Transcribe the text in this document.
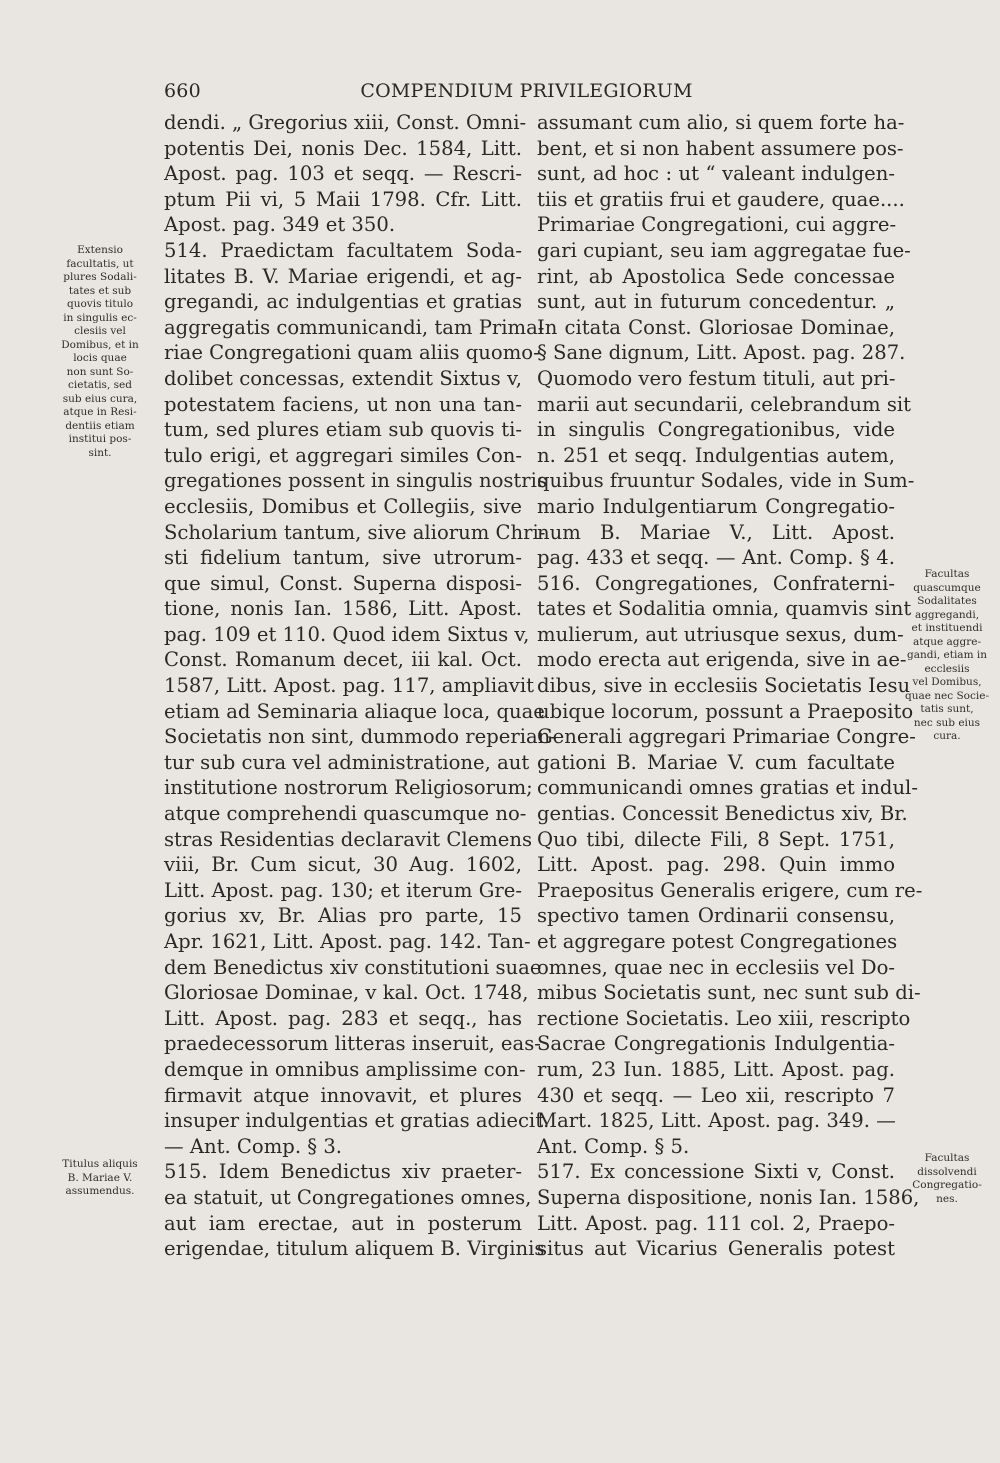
660	COMPENDIUM PRIVILEGIORUM
dendi. „ Gregorius xiii, Const. Omni-
potentis Dei, nonis Dec. 1584, Litt.
Apost. pag. 103 et seqq. — Rescri-
ptum Pii vi, 5 Maii 1798. Cfr. Litt.
Apost. pag. 349 et 350.
514. Praedictam facultatem Soda-
litates B. V. Mariae erigendi, et ag-
gregandi, ac indulgentias et gratias
aggregatis communicandi, tam Prima-
riae Congregationi quam aliis quomo-
dolibet concessas, extendit Sixtus v,
potestatem faciens, ut non una tan-
tum, sed plures etiam sub quovis ti-
tulo erigi, et aggregari similes Con-
gregationes possent in singulis nostris
ecclesiis, Domibus et Collegiis, sive
Scholarium tantum, sive aliorum Chri-
sti fidelium tantum, sive utrorum-
que simul, Const. Superna disposi-
tione, nonis Ian. 1586, Litt. Apost.
pag. 109 et 110. Quod idem Sixtus v,
Const. Romanum decet, iii kal. Oct.
1587, Litt. Apost. pag. 117, ampliavit
etiam ad Seminaria aliaque loca, quae
Societatis non sint, dummodo reperian-
tur sub cura vel administratione, aut
institutione nostrorum Religiosorum;
atque comprehendi quascumque no-
stras Residentias declaravit Clemens
viii, Br. Cum sicut, 30 Aug. 1602,
Litt. Apost. pag. 130; et iterum Gre-
gorius xv, Br. Alias pro parte, 15
Apr. 1621, Litt. Apost. pag. 142. Tan-
dem Benedictus xiv constitutioni suae
Gloriosae Dominae, v kal. Oct. 1748,
Litt. Apost. pag. 283 et seqq., has
praedecessorum litteras inseruit, eas-
demque in omnibus amplissime con-
firmavit atque innovavit, et plures
insuper indulgentias et gratias adiecit.
— Ant. Comp. § 3.
515. Idem Benedictus xiv praeter-
ea statuit, ut Congregationes omnes,
aut iam erectae, aut in posterum
erigendae, titulum aliquem B. Virginis
assumant cum alio, si quem forte ha-
bent, et si non habent assumere pos-
sunt, ad hoc : ut “ valeant indulgen-
tiis et gratiis frui et gaudere, quae....
Primariae Congregationi, cui aggre-
gari cupiant, seu iam aggregatae fue-
rint, ab Apostolica Sede concessae
sunt, aut in futurum concedentur. „
In citata Const. Gloriosae Dominae,
§ Sane dignum, Litt. Apost. pag. 287.
Quomodo vero festum tituli, aut pri-
marii aut secundarii, celebrandum sit
in singulis Congregationibus, vide
n. 251 et seqq. Indulgentias autem,
quibus fruuntur Sodales, vide in Sum-
mario Indulgentiarum Congregatio-
num B. Mariae V., Litt. Apost.
pag. 433 et seqq. — Ant. Comp. § 4.
516. Congregationes, Confraterni-
tates et Sodalitia omnia, quamvis sint
mulierum, aut utriusque sexus, dum-
modo erecta aut erigenda, sive in ae-
dibus, sive in ecclesiis Societatis Iesu
ubique locorum, possunt a Praeposito
Generali aggregari Primariae Congre-
gationi B. Mariae V. cum facultate
communicandi omnes gratias et indul-
gentias. Concessit Benedictus xiv, Br.
Quo tibi, dilecte Fili, 8 Sept. 1751,
Litt. Apost. pag. 298. Quin immo
Praepositus Generalis erigere, cum re-
spectivo tamen Ordinarii consensu,
et aggregare potest Congregationes
omnes, quae nec in ecclesiis vel Do-
mibus Societatis sunt, nec sunt sub di-
rectione Societatis. Leo xiii, rescripto
Sacrae Congregationis Indulgentia-
rum, 23 Iun. 1885, Litt. Apost. pag.
430 et seqq. — Leo xii, rescripto 7
Mart. 1825, Litt. Apost. pag. 349. —
Ant. Comp. § 5.
517. Ex concessione Sixti v, Const.
Superna dispositione, nonis Ian. 1586,
Litt. Apost. pag. 111 col. 2, Praepo-
situs aut Vicarius Generalis potest
Extensio
facultatis, ut
plures Sodali-
tates et sub
quovis titulo
in singulis ec-
clesiis vel
Domibus, et in
locis quae
non sunt So-
cietatis, sed
sub eius cura,
atque in Resi-
dentiis etiam
institui pos-
sint.
Titulus aliquis
B. Mariae V.
assumendus.
Facultas
quascumque
Sodalitates
aggregandi,
et instituendi
atque aggre-
gandi, etiam in
ecclesiis
vel Domibus,
quae nec Socie-
tatis sunt,
nec sub eius
cura.
Facultas
dissolvendi
Congregatio-
nes.
